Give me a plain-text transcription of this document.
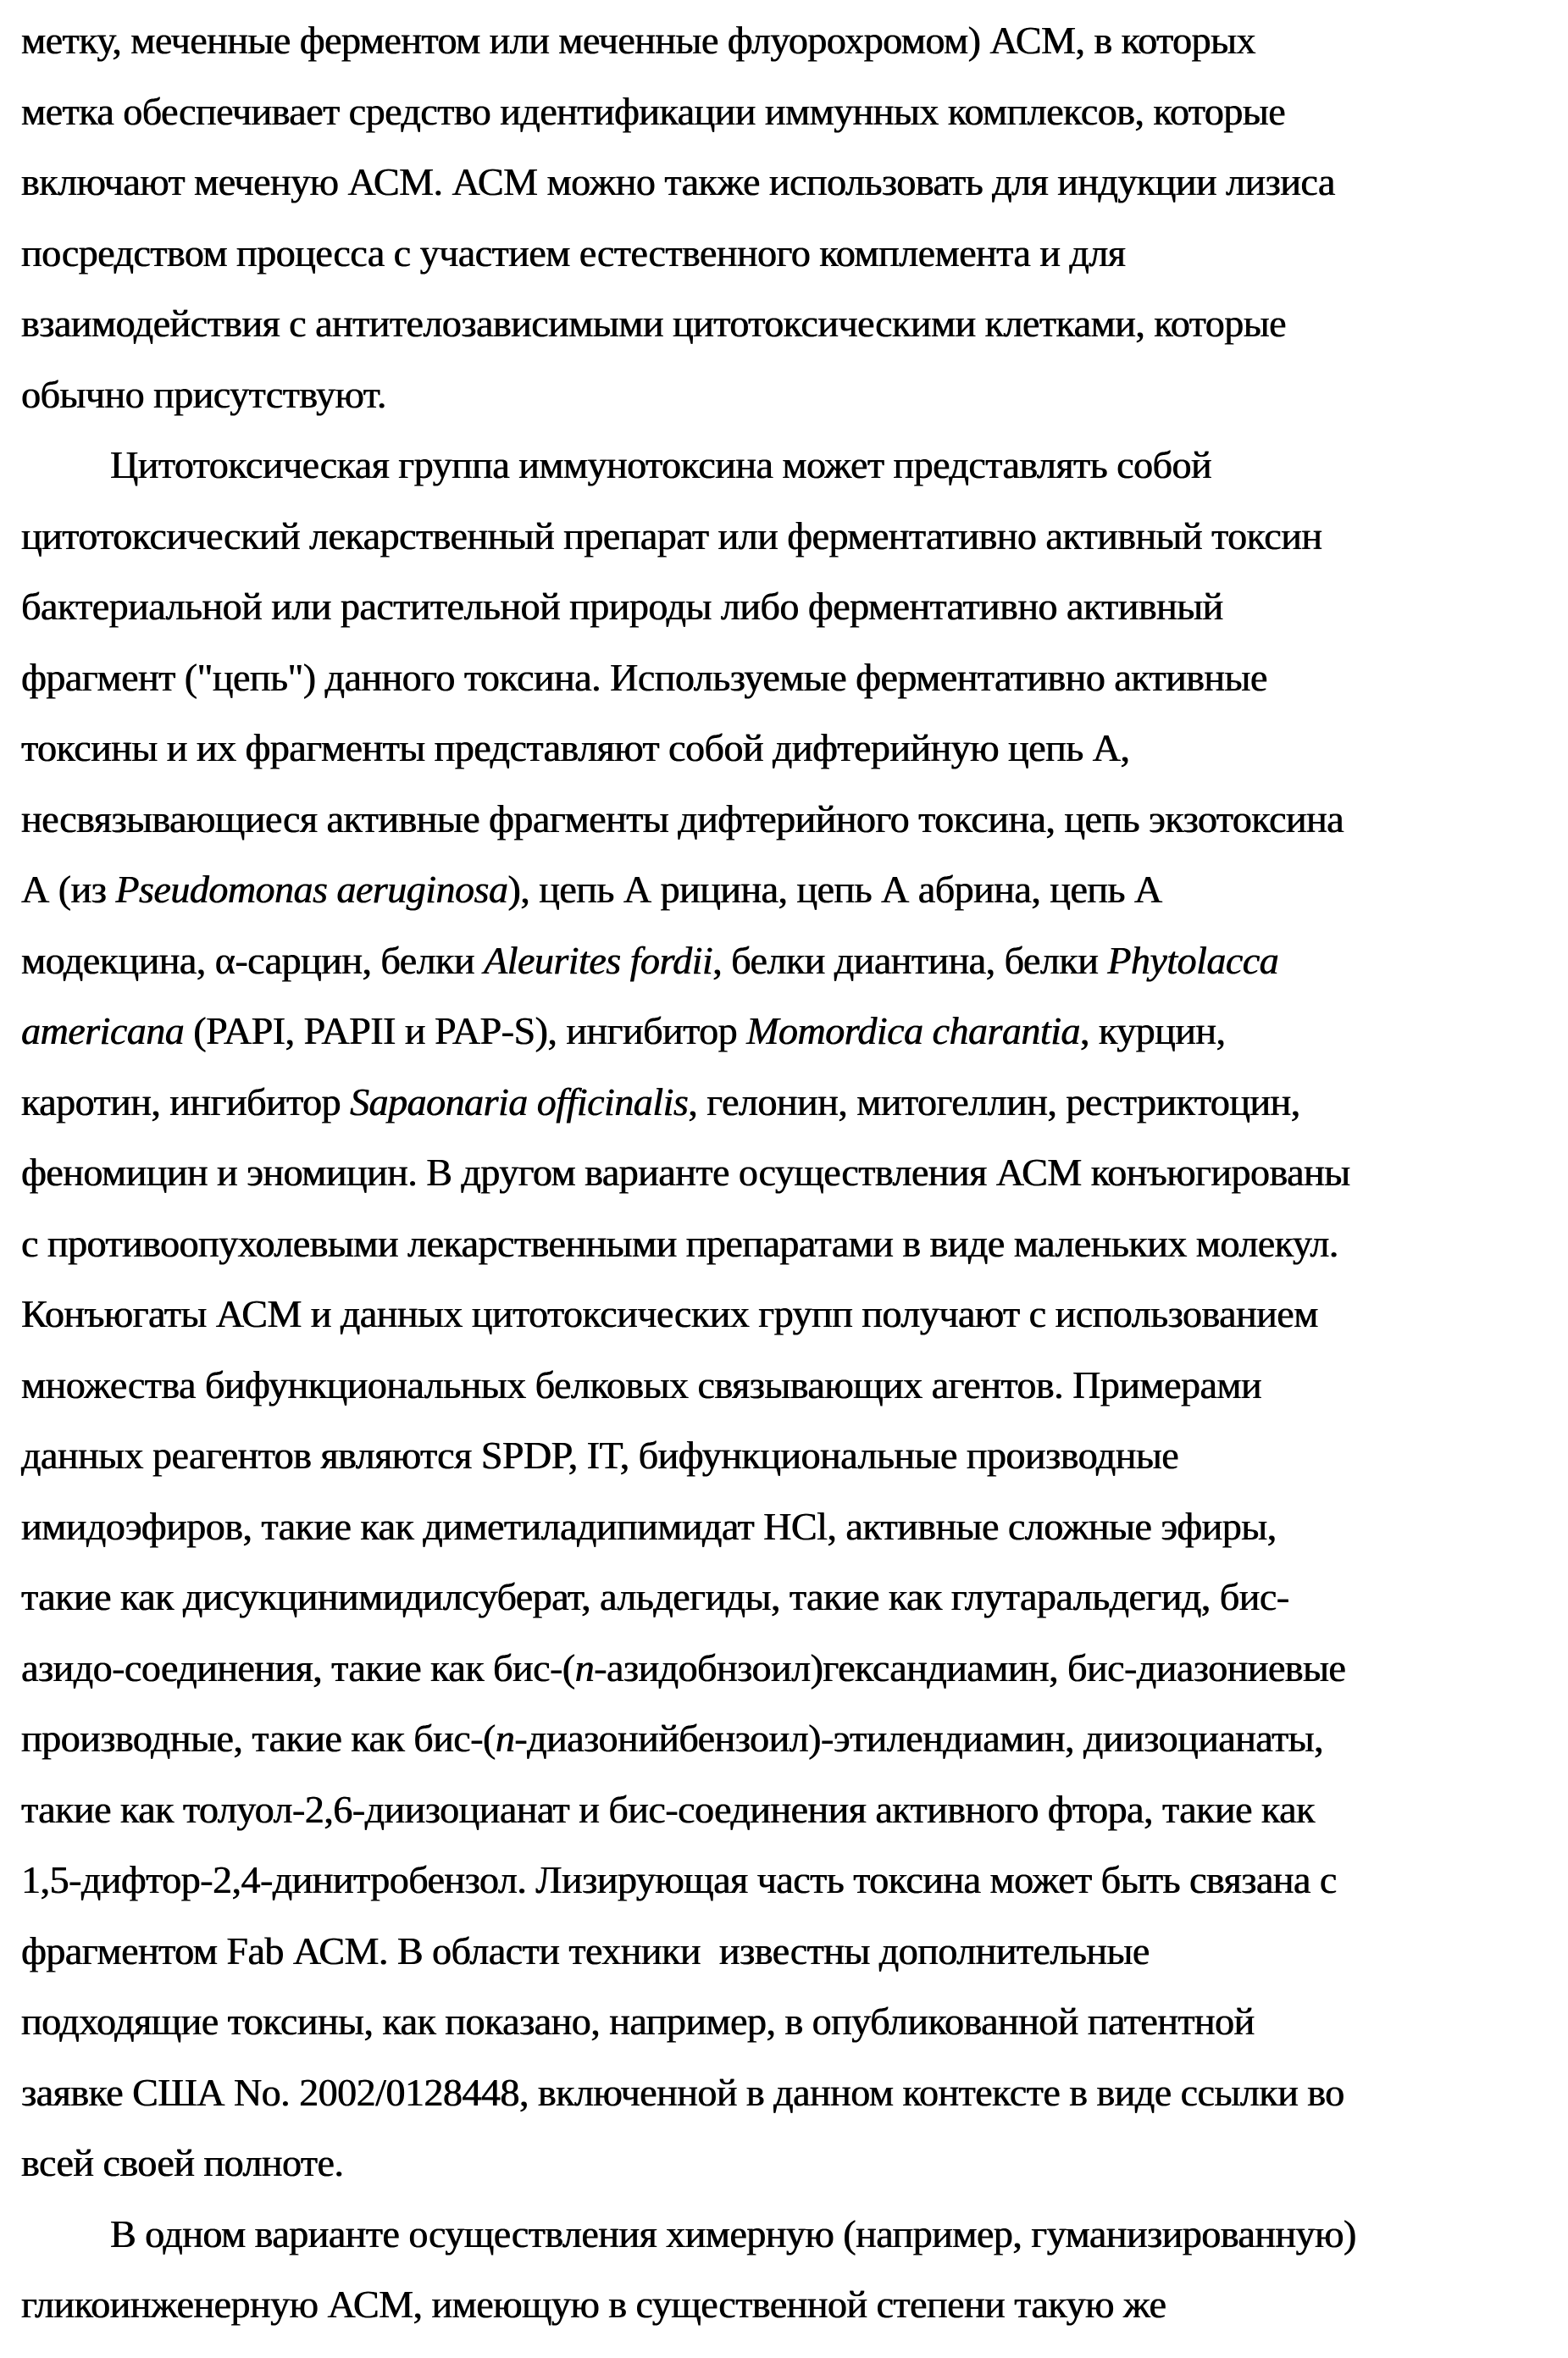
метку, меченные ферментом или меченные флуорохромом) АСМ, в которых
метка обеспечивает средство идентификации иммунных комплексов, которые
включают меченую АСМ. АСМ можно также использовать для индукции лизиса
посредством процесса с участием естественного комплемента и для
взаимодействия с антителозависимыми цитотоксическими клетками, которые
обычно присутствуют.
Цитотоксическая группа иммунотоксина может представлять собой
цитотоксический лекарственный препарат или ферментативно активный токсин
бактериальной или растительной природы либо ферментативно активный
фрагмент ("цепь") данного токсина. Используемые ферментативно активные
токсины и их фрагменты представляют собой дифтерийную цепь А,
несвязывающиеся активные фрагменты дифтерийного токсина, цепь экзотоксина
А (из Pseudomonas aeruginosa), цепь А рицина, цепь А абрина, цепь А
модекцина, α-сарцин, белки Aleurites fordii, белки диантина, белки Phytolacca
americana (PAPI, PAPII и PAP-S), ингибитор Momordica charantia, курцин,
каротин, ингибитор Sapaonaria officinalis, гелонин, митогеллин, рестриктоцин,
феномицин и эномицин. В другом варианте осуществления АСМ конъюгированы
с противоопухолевыми лекарственными препаратами в виде маленьких молекул.
Конъюгаты АСМ и данных цитотоксических групп получают с использованием
множества бифункциональных белковых связывающих агентов. Примерами
данных реагентов являются SPDP, IT, бифункциональные производные
имидоэфиров, такие как диметиладипимидат HCl, активные сложные эфиры,
такие как дисукцинимидилсуберат, альдегиды, такие как глутаральдегид, бис-
азидо-соединения, такие как бис-(n-азидобнзоил)гександиамин, бис-диазониевые
производные, такие как бис-(n-диазонийбензоил)-этилендиамин, диизоцианаты,
такие как толуол-2,6-диизоцианат и бис-соединения активного фтора, такие как
1,5-дифтор-2,4-динитробензол. Лизирующая часть токсина может быть связана с
фрагментом Fab АСМ. В области техники  известны дополнительные
подходящие токсины, как показано, например, в опубликованной патентной
заявке США No. 2002/0128448, включенной в данном контексте в виде ссылки во
всей своей полноте.
В одном варианте осуществления химерную (например, гуманизированную)
гликоинженерную АСМ, имеющую в существенной степени такую же
